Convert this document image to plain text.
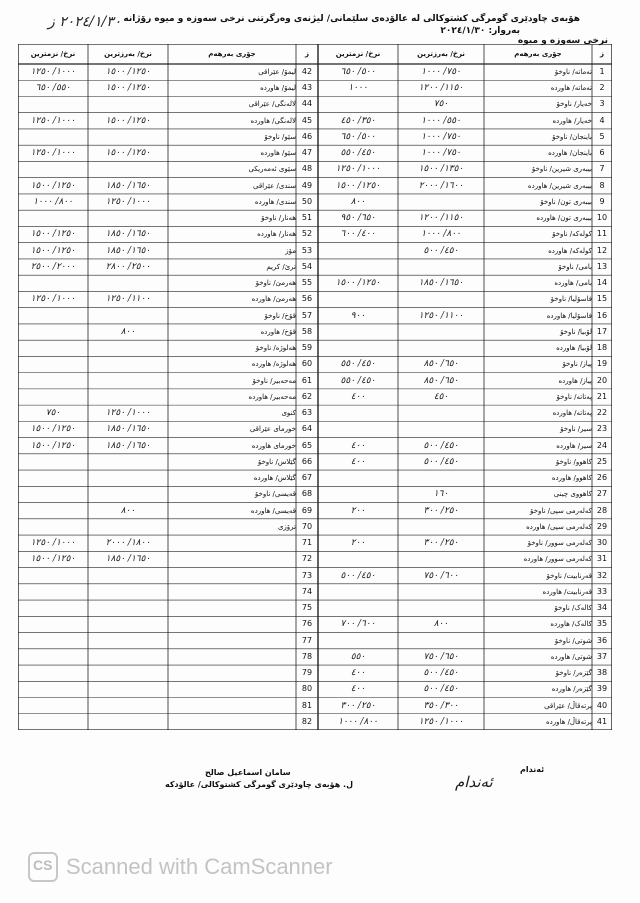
٢٠٢٤/١/٣٠ ز هۆبەی چاودێری گومرگی کشتوکالی لە عالۆدەی سلێمانی/ لیژنەی وەرگرتنی نرخی سەوزە و میوە رۆژانە
بەروار: ٢٠٢٤/١/٣٠
نرخی سەوزە و میوە
ز
جۆری بەرهەم
نرخ/ بەرزترین
نرخ/ نزمترین	ز
جۆری بەرهەم
نرخ/ بەرزترین
نرخ/ نزمترین
1
تەماتە/ ناوخۆ
٧٥٠/ ١٠٠٠
٥٠٠/ ٦٥٠
2
تەماتە/ هاوردە
١١٥٠/ ١٢٠٠
١٠٠٠
3
خەیار/ ناوخۆ
٧٥٠
4
خەیار/ هاوردە
٥٥٠/ ١٠٠٠
٣٥٠/ ٤٥٠
5
باینجان/ ناوخۆ
٧٥٠/ ١٠٠٠
٥٠٠/ ٦٥٠
6
باینجان/ هاوردە
٧٥٠/ ١٠٠٠
٤٥٠/ ٥٥٠
7
بیبەری شیرین/ ناوخۆ
١٣٥٠/ ١٥٠٠
١٠٠٠/ ١٢٥٠
8
بیبەری شیرین/ هاوردە
١٦٠٠/ ٢٠٠٠
١٢٥٠/ ١٥٠٠
9
بیبەری تون/ ناوخۆ
٨٠٠
10
بیبەری تون/ هاوردە
١١٥٠/ ١٢٠٠
٦٥٠/ ٩٥٠
11
کولەکە/ ناوخۆ
٨٠٠/ ١٠٠٠
٤٠٠/ ٦٠٠
12
کولەکە/ هاوردە
٤٥٠/ ٥٠٠
13
بامی/ ناوخۆ
14
بامی/ هاوردە
١٦٥٠/ ١٨٥٠
١٢٥٠/ ١٥٠٠
15
فاسۆلیا/ ناوخۆ
16
فاسۆلیا/ هاوردە
١١٠٠/ ١٢٥٠
٩٠٠
17
لۆبیا/ ناوخۆ
18
لۆبیا/ هاوردە
19
پیاز/ ناوخۆ
٦٥٠/ ٨٥٠
٤٥٠/ ٥٥٠
20
پیاز/ هاوردە
٦٥٠/ ٨٥٠
٤٥٠/ ٥٥٠
21
پەتاتە/ ناوخۆ
٤٥٠
٤٠٠
22
پەتاتە/ هاوردە
23
سیر/ ناوخۆ
24
سیر/ هاوردە
٤٥٠/ ٥٠٠
٤٠٠
25
کاهوو/ ناوخۆ
٤٥٠/ ٥٠٠
٤٠٠
26
کاهوو/ هاوردە
27
کاهووی چینی
١٦٠
28
کەلەرمی سپی/ ناوخۆ
٢٥٠/ ٣٠٠
٢٠٠
29
کەلەرمی سپی/ هاوردە
30
کەلەرمی سوور/ ناوخۆ
٢٥٠/ ٣٠٠
٢٠٠
31
کەلەرمی سوور/ هاوردە
32
قەرنابیت/ ناوخۆ
٦٠٠/ ٧٥٠
٤٥٠/ ٥٠٠
33
قەرنابیت/ هاوردە
34
کالەک/ ناوخۆ
35
کالەک/ هاوردە
٨٠٠
٦٠٠/ ٧٠٠
36
شوتی/ ناوخۆ
37
شوتی/ هاوردە
٦٥٠/ ٧٥٠
٥٥٠
38
گێزەر/ ناوخۆ
٤٥٠/ ٥٠٠
٤٠٠
39
گێزەر/ هاوردە
٤٥٠/ ٥٠٠
٤٠٠
40
پرتەقاڵ/ عێراقی
٣٠٠/ ٣٥٠
٢٥٠/ ٣٠٠
41
پرتەقاڵ/ هاوردە
١٠٠٠/ ١٢٥٠
٨٠٠/ ١٠٠٠
42
لیمۆ/ عێراقی
١٢٥٠/ ١٥٠٠
١٠٠٠/ ١٢٥٠
43
لیمۆ/ هاوردە
١٢٥٠/ ١٥٠٠
٥٥٠/ ٦٥٠
44
لالەنگی/ عێراقی
45
لالەنگی/ هاوردە
١٢٥٠/ ١٥٠٠
١٠٠٠/ ١٢٥٠
46
سێو/ ناوخۆ
47
سێو/ هاوردە
١٢٥٠/ ١٥٠٠
١٠٠٠/ ١٢٥٠
48
سێوی ئەمەریکی
49
سندی/ عێراقی
١٦٥٠/ ١٨٥٠
١٢٥٠/ ١٥٠٠
50
سندی/ هاوردە
١٠٠٠/ ١٢٥٠
٨٠٠/ ١٠٠٠
51
هەنار/ ناوخۆ
52
هەنار/ هاوردە
١٦٥٠/ ١٨٥٠
١٢٥٠/ ١٥٠٠
53
مۆز
١٦٥٠/ ١٨٥٠
١٢٥٠/ ١٥٠٠
54
ترێ/ کریم
٢٥٠٠/ ٢٨٠٠
٢٠٠٠/ ٢٥٠٠
55
هەرمێ/ ناوخۆ
56
هەرمێ/ هاوردە
١١٠٠/ ١٢٥٠
١٠٠٠/ ١٢٥٠
57
قۆخ/ ناوخۆ
58
قۆخ/ هاوردە
٨٠٠
59
هەلوژە/ ناوخۆ
60
هەلوژە/ هاوردە
61
مەحەبیر/ ناوخۆ
62
مەحەبیر/ هاوردە
63
کنوی
١٠٠٠/ ١٢٥٠
٧٥٠
64
خورمای عێراقی
١٦٥٠/ ١٨٥٠
١٢٥٠/ ١٥٠٠
65
خورمای هاوردە
١٦٥٠/ ١٨٥٠
١٢٥٠/ ١٥٠٠
66
گێلاس/ ناوخۆ
67
گێلاس/ هاوردە
68
قەیسی/ ناوخۆ
69
قەیسی/ هاوردە
٨٠٠
70
ترۆزی
71
١٨٠٠/ ٢٠٠٠
١٠٠٠/ ١٢٥٠
72
١٦٥٠/ ١٨٥٠
١٢٥٠/ ١٥٠٠
73
74
75
76
77
78
79
80
81
82
سامان اسماعیل صالح
ل. هۆبەی چاودێری گومرگی کشتوکالی/ عالۆدکە
ئەندام
ئەندام
CS Scanned with CamScanner
